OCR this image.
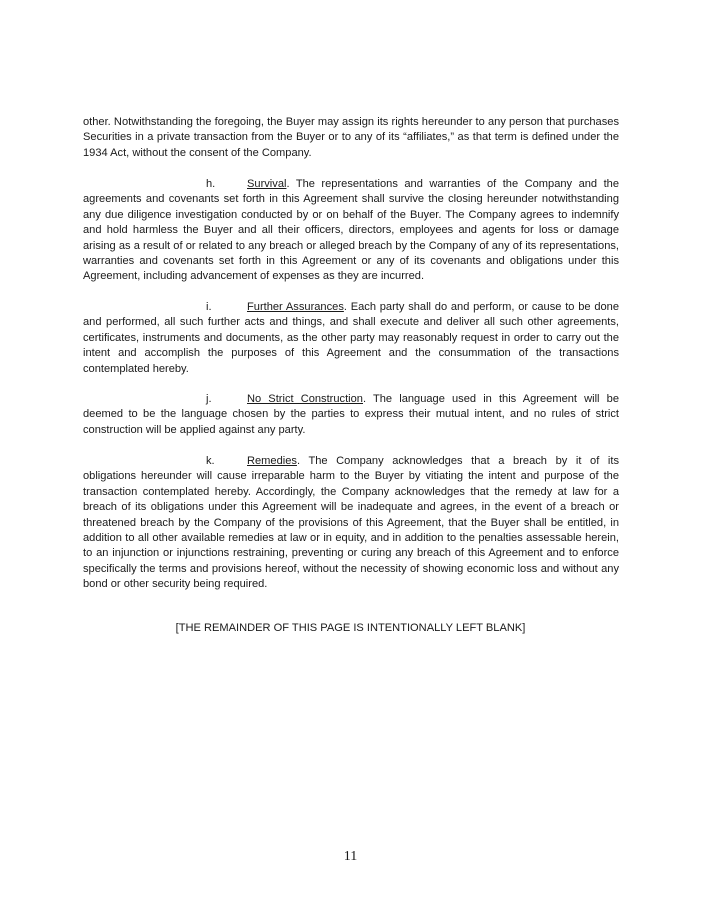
other. Notwithstanding the foregoing, the Buyer may assign its rights hereunder to any person that purchases Securities in a private transaction from the Buyer or to any of its “affiliates,” as that term is defined under the 1934 Act, without the consent of the Company.

h.	Survival. The representations and warranties of the Company and the agreements and covenants set forth in this Agreement shall survive the closing hereunder notwithstanding any due diligence investigation conducted by or on behalf of the Buyer. The Company agrees to indemnify and hold harmless the Buyer and all their officers, directors, employees and agents for loss or damage arising as a result of or related to any breach or alleged breach by the Company of any of its representations, warranties and covenants set forth in this Agreement or any of its covenants and obligations under this Agreement, including advancement of expenses as they are incurred.

i.	Further Assurances. Each party shall do and perform, or cause to be done and performed, all such further acts and things, and shall execute and deliver all such other agreements, certificates, instruments and documents, as the other party may reasonably request in order to carry out the intent and accomplish the purposes of this Agreement and the consummation of the transactions contemplated hereby.

j.	No Strict Construction. The language used in this Agreement will be deemed to be the language chosen by the parties to express their mutual intent, and no rules of strict construction will be applied against any party.

k.	Remedies. The Company acknowledges that a breach by it of its obligations hereunder will cause irreparable harm to the Buyer by vitiating the intent and purpose of the transaction contemplated hereby. Accordingly, the Company acknowledges that the remedy at law for a breach of its obligations under this Agreement will be inadequate and agrees, in the event of a breach or threatened breach by the Company of the provisions of this Agreement, that the Buyer shall be entitled, in addition to all other available remedies at law or in equity, and in addition to the penalties assessable herein, to an injunction or injunctions restraining, preventing or curing any breach of this Agreement and to enforce specifically the terms and provisions hereof, without the necessity of showing economic loss and without any bond or other security being required.

[THE REMAINDER OF THIS PAGE IS INTENTIONALLY LEFT BLANK]

11
